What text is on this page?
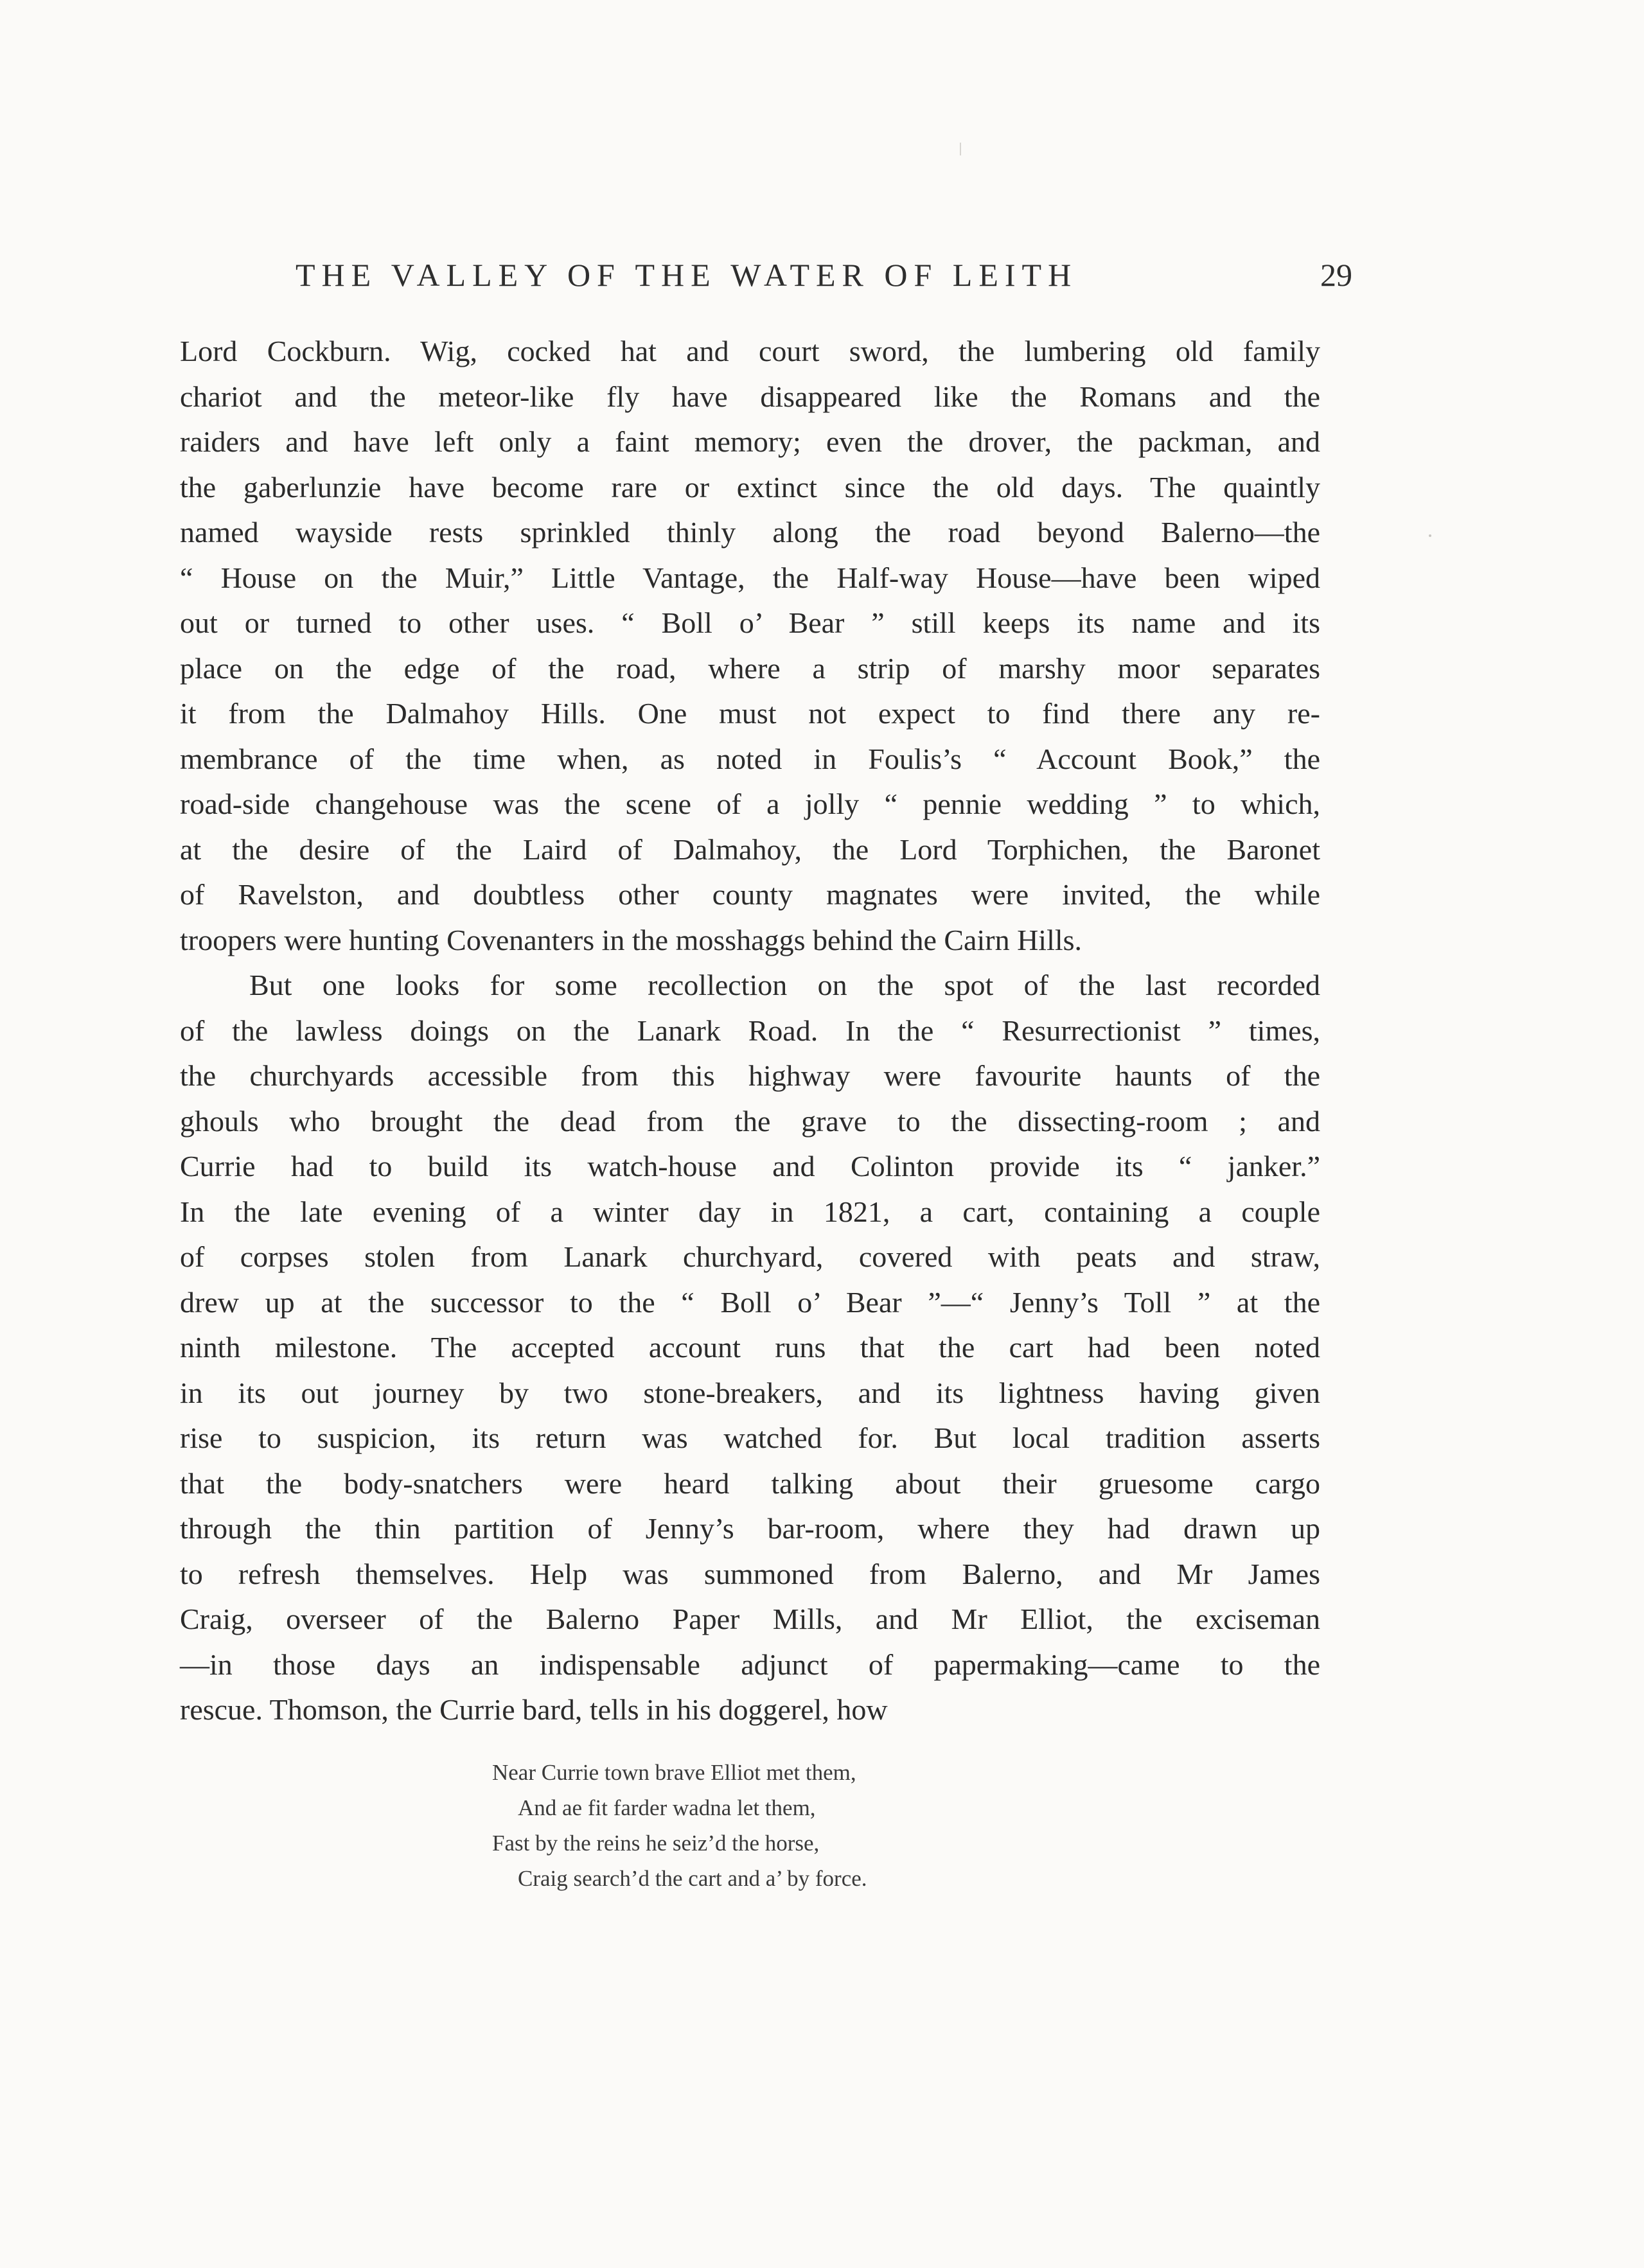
THE VALLEY OF THE WATER OF LEITH	29
Lord Cockburn. Wig, cocked hat and court sword, the lumbering old family
chariot and the meteor-like fly have disappeared like the Romans and the
raiders and have left only a faint memory; even the drover, the packman, and
the gaberlunzie have become rare or extinct since the old days. The quaintly
named wayside rests sprinkled thinly along the road beyond Balerno—the
“ House on the Muir,” Little Vantage, the Half-way House—have been wiped
out or turned to other uses. “ Boll o’ Bear ” still keeps its name and its
place on the edge of the road, where a strip of marshy moor separates
it from the Dalmahoy Hills. One must not expect to find there any re-
membrance of the time when, as noted in Foulis’s “ Account Book,” the
road-side changehouse was the scene of a jolly “ pennie wedding ” to which,
at the desire of the Laird of Dalmahoy, the Lord Torphichen, the Baronet
of Ravelston, and doubtless other county magnates were invited, the while
troopers were hunting Covenanters in the mosshaggs behind the Cairn Hills.
But one looks for some recollection on the spot of the last recorded
of the lawless doings on the Lanark Road. In the “ Resurrectionist ” times,
the churchyards accessible from this highway were favourite haunts of the
ghouls who brought the dead from the grave to the dissecting-room ; and
Currie had to build its watch-house and Colinton provide its “ janker.”
In the late evening of a winter day in 1821, a cart, containing a couple
of corpses stolen from Lanark churchyard, covered with peats and straw,
drew up at the successor to the “ Boll o’ Bear ”—“ Jenny’s Toll ” at the
ninth milestone. The accepted account runs that the cart had been noted
in its out journey by two stone-breakers, and its lightness having given
rise to suspicion, its return was watched for. But local tradition asserts
that the body-snatchers were heard talking about their gruesome cargo
through the thin partition of Jenny’s bar-room, where they had drawn up
to refresh themselves. Help was summoned from Balerno, and Mr James
Craig, overseer of the Balerno Paper Mills, and Mr Elliot, the exciseman
—in those days an indispensable adjunct of papermaking—came to the
rescue. Thomson, the Currie bard, tells in his doggerel, how
Near Currie town brave Elliot met them,
And ae fit farder wadna let them,
Fast by the reins he seiz’d the horse,
Craig search’d the cart and a’ by force.
